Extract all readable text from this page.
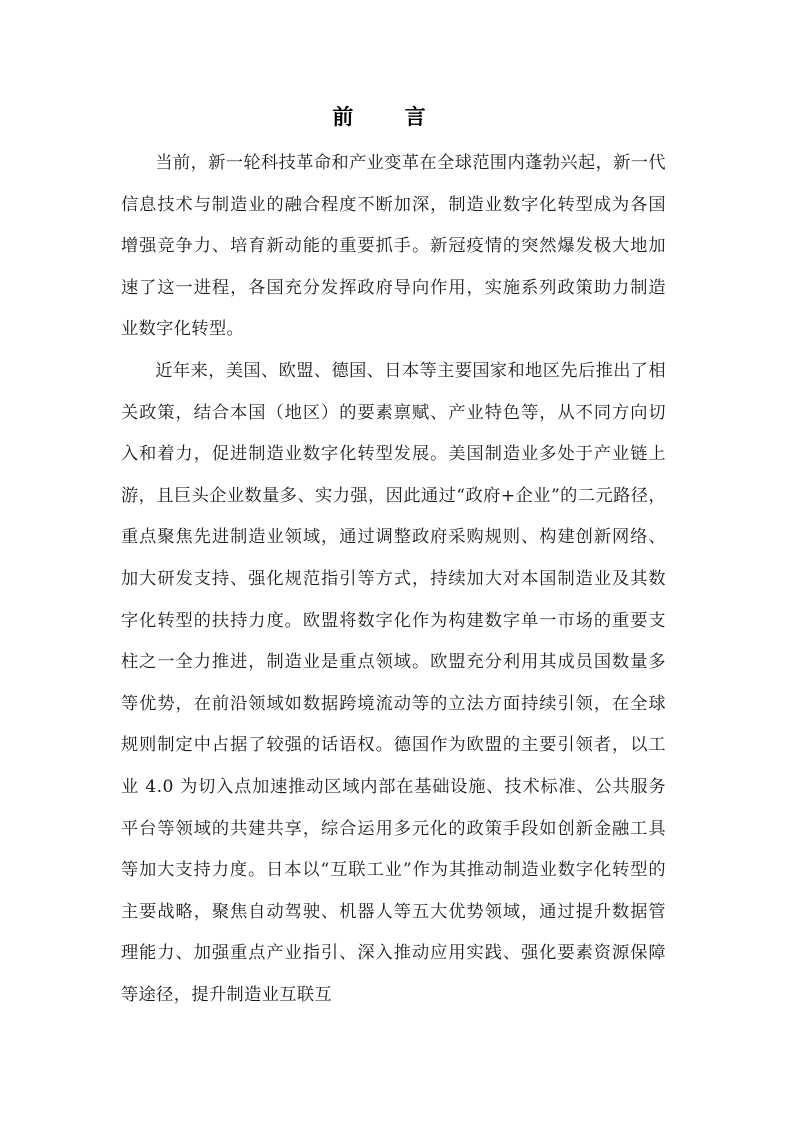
前 言

当前，新一轮科技革命和产业变革在全球范围内蓬勃兴起，新一代信息技术与制造业的融合程度不断加深，制造业数字化转型成为各国增强竞争力、培育新动能的重要抓手。新冠疫情的突然爆发极大地加速了这一进程，各国充分发挥政府导向作用，实施系列政策助力制造业数字化转型。

近年来，美国、欧盟、德国、日本等主要国家和地区先后推出了相关政策，结合本国（地区）的要素禀赋、产业特色等，从不同方向切入和着力，促进制造业数字化转型发展。美国制造业多处于产业链上游，且巨头企业数量多、实力强，因此通过“政府+企业”的二元路径，重点聚焦先进制造业领域，通过调整政府采购规则、构建创新网络、加大研发支持、强化规范指引等方式，持续加大对本国制造业及其数字化转型的扶持力度。欧盟将数字化作为构建数字单一市场的重要支柱之一全力推进，制造业是重点领域。欧盟充分利用其成员国数量多等优势，在前沿领域如数据跨境流动等的立法方面持续引领，在全球规则制定中占据了较强的话语权。德国作为欧盟的主要引领者，以工业 4.0 为切入点加速推动区域内部在基础设施、技术标准、公共服务平台等领域的共建共享，综合运用多元化的政策手段如创新金融工具等加大支持力度。日本以“互联工业”作为其推动制造业数字化转型的主要战略，聚焦自动驾驶、机器人等五大优势领域，通过提升数据管理能力、加强重点产业指引、深入推动应用实践、强化要素资源保障等途径，提升制造业互联互
